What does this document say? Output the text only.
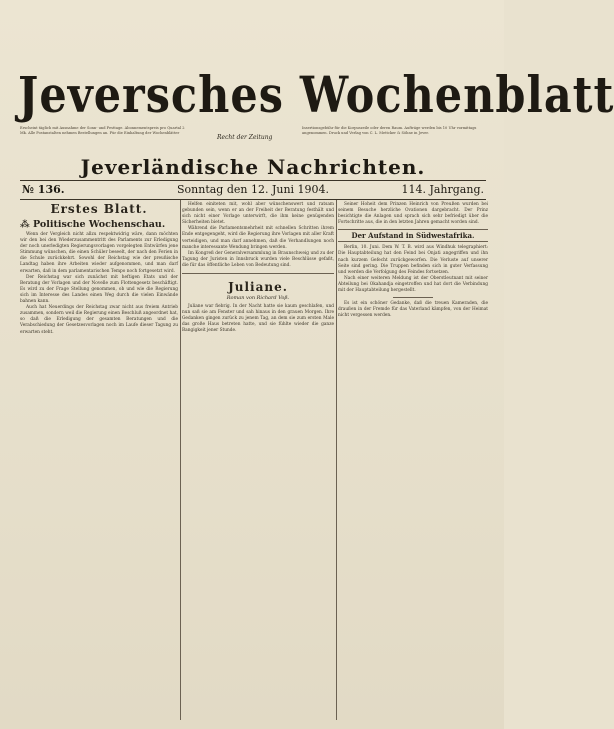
Jeversches Wochenblatt
Erscheint täglich mit Ausnahme der Sonn- und Festtage. Abonnementspreis pro Quartal 2 Mk. Alle Postanstalten nehmen Bestellungen an. Für die Einhaltung der Wochenblätter
Recht der Zeitung
Insertionsgebühr für die Korpuszeile oder deren Raum. Aufträge werden bis 10 Uhr vormittags angenommen. Druck und Verlag von C. L. Mettcker & Söhne in Jever.
Jeverländische Nachrichten.
№ 136.	Sonntag den 12. Juni 1904.	114. Jahrgang.

Erstes Blatt.

⁂ Politische Wochenschau.

Wenn der Vergleich nicht allzu respektwidrig wäre, dann möchten wir den bei den Wiederzusammentritt des Parlaments zur Erledigung der noch unerledigten Regierungsvorlagen vorgelegten Entwürfen jene Stimmung wünschen, die einen Schüler beseelt, der nach den Ferien in die Schule zurückkehrt. Sowohl der Reichstag wie der preußische Landtag haben ihre Arbeiten wieder aufgenommen, und man darf erwarten, daß in dem parlamentarischen Tempo noch fortgesetzt wird.

Der Reichstag war sich zunächst mit heftigen Etats und der Beratung der Vorlagen und der Novelle zum Flottengesetz beschäftigt. Es wird zu der Frage Stellung genommen, ob und wie die Regierung sich im Interesse des Landes einen Weg durch die vielen Einwände bahnen kann.

Auch hat Neuerdings der Reichstag zwar nicht aus freiem Antrieb zusammen, sondern weil die Regierung einen Beschluß angeordnet hat, so daß die Erledigung der gesamten Beratungen und die Verabschiedung der Gesetzesvorlagen noch im Laufe dieser Tagung zu erwarten steht.

Helfen einiteten mit, wohl aber wünschenswert und ratsam gebunden sein, wenn er an der Freiheit der Beratung festhält und sich nicht einer Vorlage unterwirft, die ihm keine genügenden Sicherheiten bietet.

Während die Parlamentsmehrheit mit schnellen Schritten ihrem Ende entgegengeht, wird die Regierung ihre Vorlagen mit aller Kraft verteidigen, und man darf annehmen, daß die Verhandlungen noch manche interessante Wendung bringen werden.

Im Kongreß der Generalversammlung in Braunschweig und zu der Tagung der Juristen in Innsbruck wurden viele Beschlüsse gefaßt, die für das öffentliche Leben von Bedeutung sind.

Juliane.

Roman von Richard Voß.

Juliane war fiebrig. In der Nacht hatte sie kaum geschlafen, und nun saß sie am Fenster und sah hinaus in den grauen Morgen. Ihre Gedanken gingen zurück zu jenem Tag, an dem sie zum ersten Male das große Haus betreten hatte, und sie fühlte wieder die ganze Bangigkeit jener Stunde.

Seiner Hoheit dem Prinzen Heinrich von Preußen wurden bei seinem Besuche herzliche Ovationen dargebracht. Der Prinz besichtigte die Anlagen und sprach sich sehr befriedigt über die Fortschritte aus, die in den letzten Jahren gemacht worden sind.

Der Aufstand in Südwestafrika.

Berlin, 10. Juni. Dem W. T. B. wird aus Windhuk telegraphiert: Die Hauptabteilung hat den Feind bei Onjati angegriffen und ihn nach kurzem Gefecht zurückgeworfen. Die Verluste auf unserer Seite sind gering. Die Truppen befinden sich in guter Verfassung und werden die Verfolgung des Feindes fortsetzen.

Nach einer weiteren Meldung ist der Oberstleutnant mit seiner Abteilung bei Okahandja eingetroffen und hat dort die Verbindung mit der Hauptabteilung hergestellt.

Es ist ein schöner Gedanke, daß die treuen Kameraden, die draußen in der Fremde für das Vaterland kämpfen, von der Heimat nicht vergessen werden.
